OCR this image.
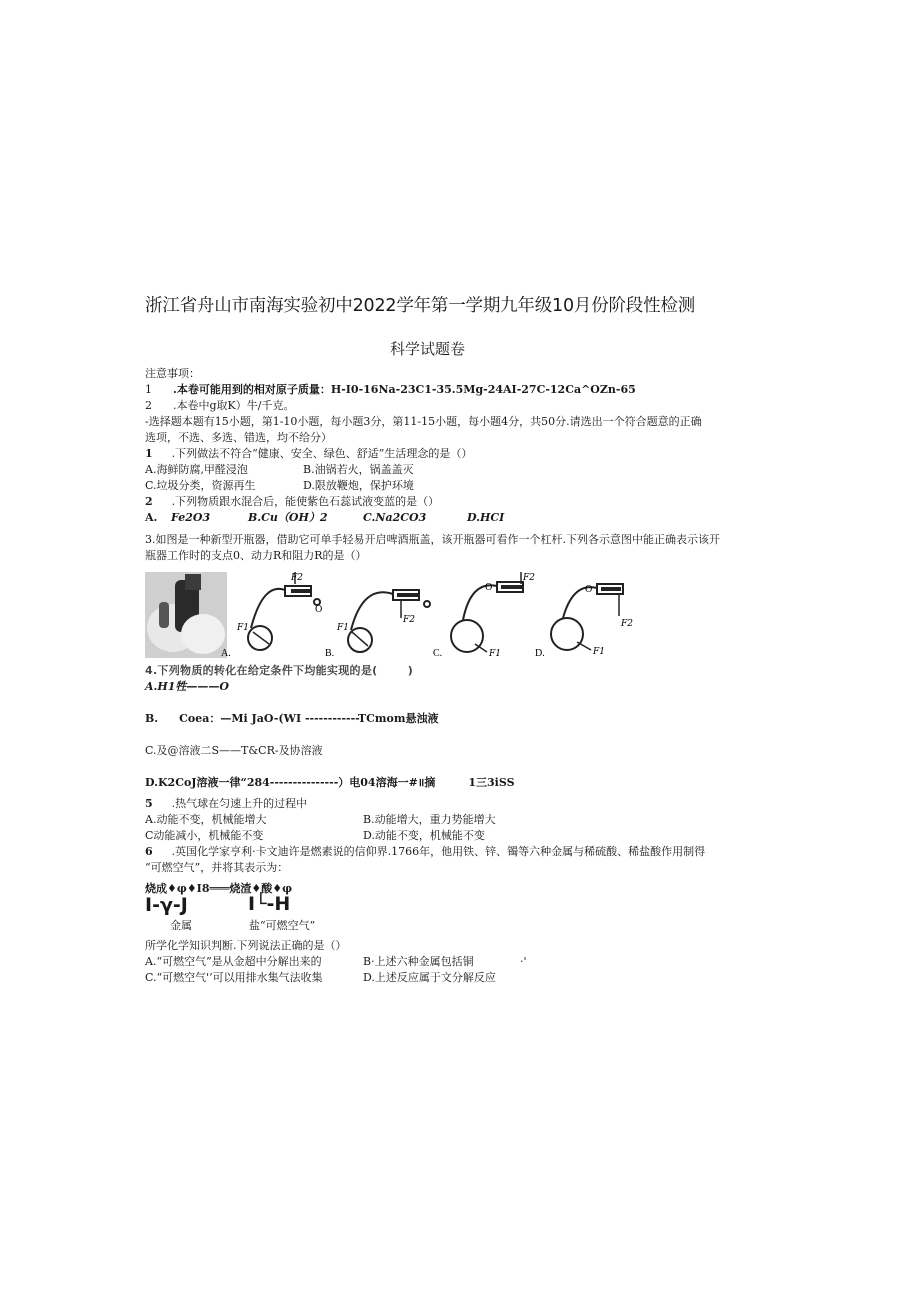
浙江省舟山市南海实验初中2022学年第一学期九年级10月份阶段性检测
科学试题卷
注意事项：
1 .本卷可能用到的相对原子质量：H-I0-16Na-23C1-35.5Mg-24AI-27C-12Ca^OZn-65
2 .本卷中g取K）牛/千克。
-选择题本题有15小题，第1-10小题，每小题3分，第11-15小题，每小题4分，共50分.请选出一个符合题意的正确
选项，不选、多选、错选，均不给分）
1 .下列做法不符合“健康、安全、绿色、舒适”生活理念的是（）
A.海鲜防腐,甲醛浸泡	B.油锅若火，锅盖盖灭
C.垃圾分类，资源再生	D.限放鞭炮，保护环境
2 .下列物质跟水混合后，能使紫色石蕊试液变蓝的是（）
A. Fe2O3	B.Cu（OH）2	C.Na2CO3	D.HCI
3.如图是一种新型开瓶器，借助它可单手轻易开启啤酒瓶盖，该开瓶器可看作一个杠杆.下列各示意图中能正确表示该开
瓶器工作时的支点0、动力R和阻力R的是（）
A.
F2
F1
O
B.
F1
F2
C.
O
F2
F1	D.
O
F2
F1
4.下列物质的转化在给定条件下均能实现的是(	)
A.H1牲———O
B. Coea：—Mi JaO-(WI ------------TCmom悬浊液
C.及@溶液二S——T&CR-及协溶液
D.K2CoJ溶液一律“284---------------）电04溶海一#॥摘	1三3iSS
5 .热气球在匀速上升的过程中
A.动能不变，机械能增大	B.动能增大，重力势能增大
C动能减小，机械能不变	D.动能不变，机械能不变
6 .英国化学家亨利·卡文迪许是燃素说的信仰界.1766年，他用铁、锌、镯等六种金属与稀硫酸、稀盐酸作用制得
“可燃空气”，并将其表示为：
烧成♦φ♦I8═══烧渣♦酸♦φ
I-γ-J	I└-H
金属	盐“可燃空气”
所学化学知识判断.下列说法正确的是（）
A.“可燃空气”是从金超中分解出来的	B·上述六种金属包括铜	·'
C.“可燃空气'’可以用排水集气法收集	D.上述反应属于文分解反应
